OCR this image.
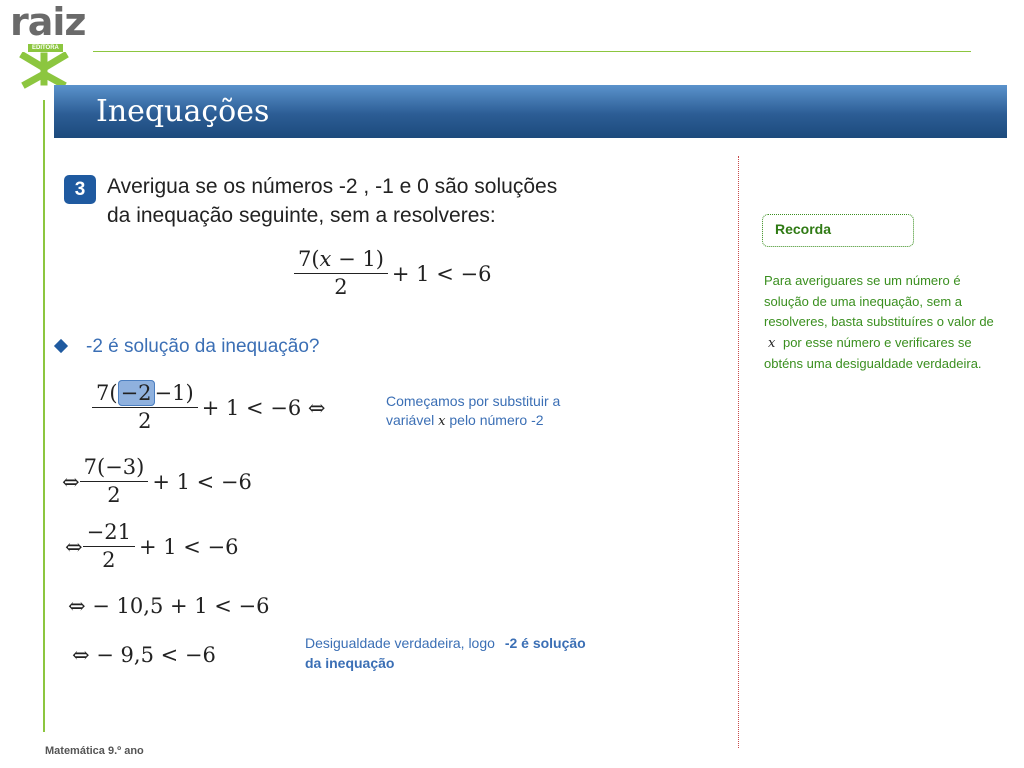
raiz
EDITORA
Inequações
3	Averigua se os números -2 , -1 e 0 são soluções
da inequação seguinte, sem a resolveres:
$\frac{\text{7(𝑥 − 1)}}{2} + 1 < -6$
-2 é solução da inequação?
$\frac{7( -2 -1)}{2} + 1 < -6$ ⇔	Começamos por substituir a
variável 𝑥 pelo número -2
⇔ $\frac{7(-3)}{2} + 1 < -6$
⇔ $\frac{-21}{2} + 1 < -6$
⇔ − 10,5 + 1 < −6
⇔ − 9,5 < −6	Desigualdade verdadeira, logo -2 é solução
da inequação
Recorda
Para averiguares se um número é solução de uma inequação, sem a resolveres, basta substituíres o valor de 𝑥 por esse número e verificares se obténs uma desigualdade verdadeira.
Matemática 9.º ano
